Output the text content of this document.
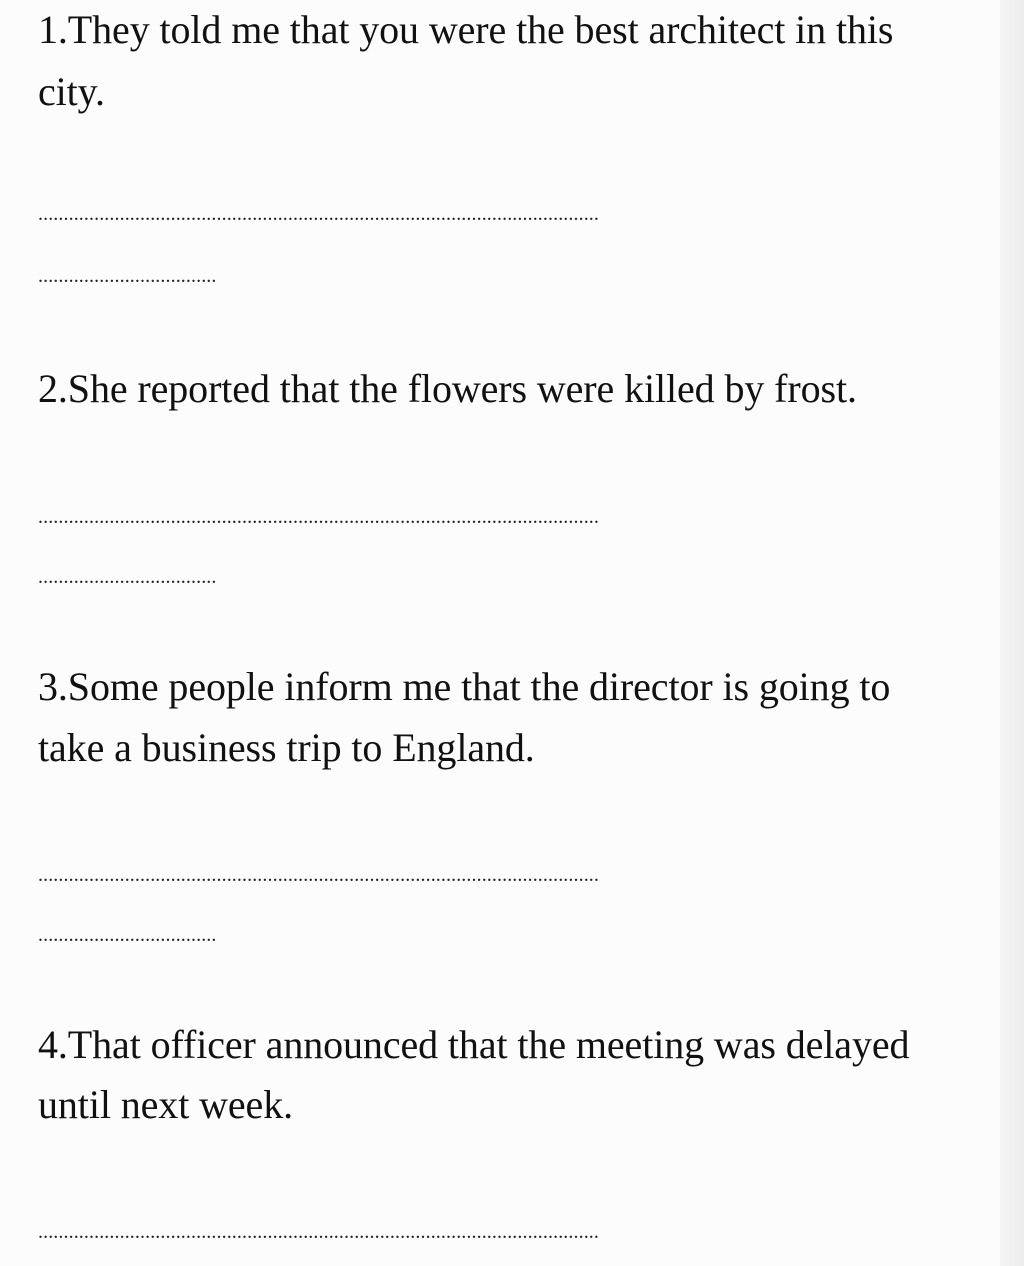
1.They told me that you were the best architect in this

city.

..............................................................................................................

...................................

2.She reported that the flowers were killed by frost.

..............................................................................................................

...................................

3.Some people inform me that the director is going to

take a business trip to England.

..............................................................................................................

...................................

4.That officer announced that the meeting was delayed

until next week.

..............................................................................................................
